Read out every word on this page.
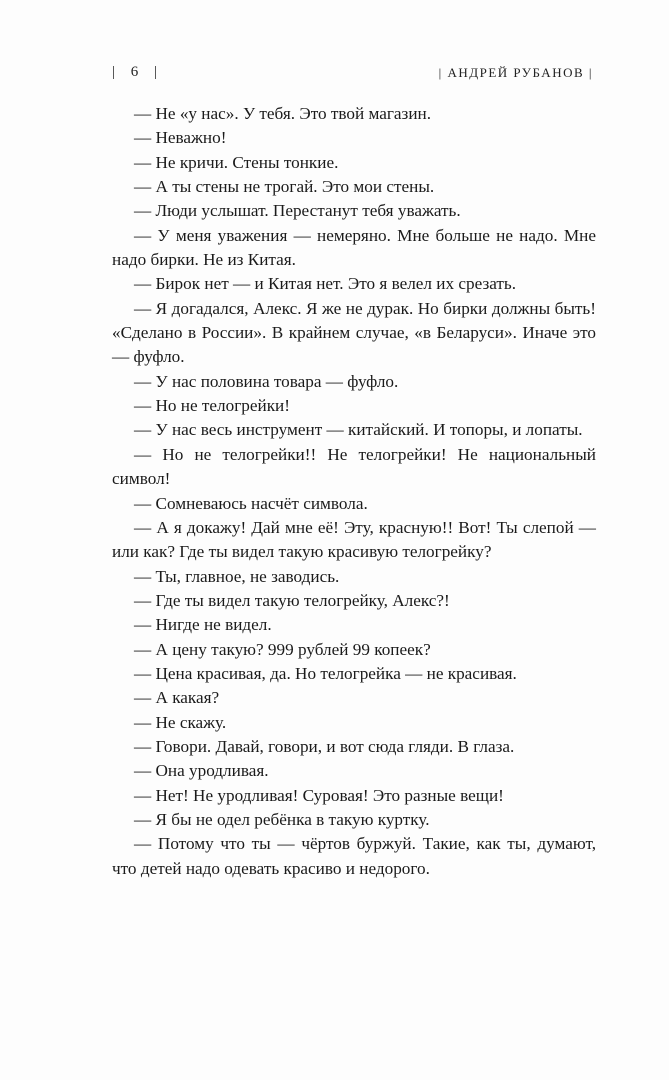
| 6 |	| АНДРЕЙ РУБАНОВ |

— Не «у нас». У тебя. Это твой магазин.

— Неважно!

— Не кричи. Стены тонкие.

— А ты стены не трогай. Это мои стены.

— Люди услышат. Перестанут тебя уважать.

— У меня уважения — немеряно. Мне больше не надо. Мне надо бирки. Не из Китая.

— Бирок нет — и Китая нет. Это я велел их срезать.

— Я догадался, Алекс. Я же не дурак. Но бирки должны быть! «Сделано в России». В крайнем случае, «в Беларуси». Иначе это — фуфло.

— У нас половина товара — фуфло.

— Но не телогрейки!

— У нас весь инструмент — китайский. И топоры, и лопаты.

— Но не телогрейки!! Не телогрейки! Не национальный символ!

— Сомневаюсь насчёт символа.

— А я докажу! Дай мне её! Эту, красную!! Вот! Ты слепой — или как? Где ты видел такую красивую телогрейку?

— Ты, главное, не заводись.

— Где ты видел такую телогрейку, Алекс?!

— Нигде не видел.

— А цену такую? 999 рублей 99 копеек?

— Цена красивая, да. Но телогрейка — не красивая.

— А какая?

— Не скажу.

— Говори. Давай, говори, и вот сюда гляди. В глаза.

— Она уродливая.

— Нет! Не уродливая! Суровая! Это разные вещи!

— Я бы не одел ребёнка в такую куртку.

— Потому что ты — чёртов буржуй. Такие, как ты, думают, что детей надо одевать красиво и недорого.
